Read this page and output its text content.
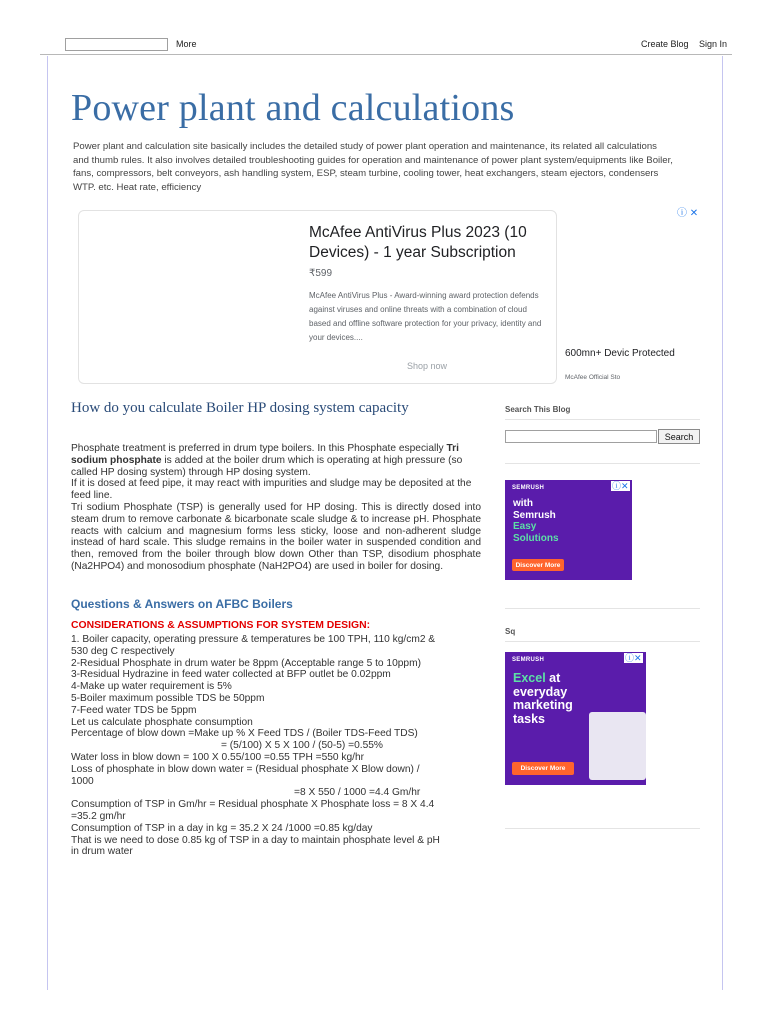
More	Create Blog Sign In
Power plant and calculations
Power plant and calculation site basically includes the detailed study of power plant operation and maintenance, its related all calculations and thumb rules. It also involves detailed troubleshooting guides for operation and maintenance of power plant system/equipments like Boiler, fans, compressors, belt conveyors, ash handling system, ESP, steam turbine, cooling tower, heat exchangers, steam ejectors, condensers WTP. etc. Heat rate, efficiency
McAfee AntiVirus Plus 2023 (10 Devices) - 1 year Subscription
₹599
McAfee AntiVirus Plus - Award-winning award protection defends against viruses and online threats with a combination of cloud based and offline software protection for your privacy, identity and your devices....
Shop now
600mn+ Devic Protected
McAfee Official Sto
ⓘ ✕
How do you calculate Boiler HP dosing system capacity
Phosphate treatment is preferred in drum type boilers. In this Phosphate especially Tri sodium phosphate is added at the boiler drum which is operating at high pressure (so called HP dosing system) through HP dosing system.
If it is dosed at feed pipe, it may react with impurities and sludge may be deposited at the feed line.
Tri sodium Phosphate (TSP) is generally used for HP dosing. This is directly dosed into steam drum to remove carbonate & bicarbonate scale sludge & to increase pH. Phosphate reacts with calcium and magnesium forms less sticky, loose and non-adherent sludge instead of hard scale. This sludge remains in the boiler water in suspended condition and then, removed from the boiler through blow down Other than TSP, disodium phosphate (Na2HPO4) and monosodium phosphate (NaH2PO4) are used in boiler for dosing.
Questions & Answers on AFBC Boilers
CONSIDERATIONS & ASSUMPTIONS FOR SYSTEM DESIGN:
1. Boiler capacity, operating pressure & temperatures be 100 TPH, 110 kg/cm2 &
530 deg C respectively
2-Residual Phosphate in drum water be 8ppm (Acceptable range 5 to 10ppm)
3-Residual Hydrazine in feed water collected at BFP outlet be 0.02ppm
4-Make up water requirement is 5%
5-Boiler maximum possible TDS be 50ppm
7-Feed water TDS be 5ppm
Let us calculate phosphate consumption
Percentage of blow down =Make up % X Feed TDS / (Boiler TDS-Feed TDS)
= (5/100) X 5 X 100 / (50-5) =0.55%
Water loss in blow down = 100 X 0.55/100 =0.55 TPH =550 kg/hr
Loss of phosphate in blow down water = (Residual phosphate X Blow down) /
1000
=8 X 550 / 1000 =4.4 Gm/hr
Consumption of TSP in Gm/hr = Residual phosphate X Phosphate loss = 8 X 4.4
=35.2 gm/hr
Consumption of TSP in a day in kg = 35.2 X 24 /1000 =0.85 kg/day
That is we need to dose 0.85 kg of TSP in a day to maintain phosphate level & pH
in drum water
Search This Blog
Search
SEMRUSH
with
Semrush
Easy
Solutions
Discover More
ⓘ✕
Sq
SEMRUSH
Excel at
everyday
marketing
tasks
Discover More
ⓘ✕
